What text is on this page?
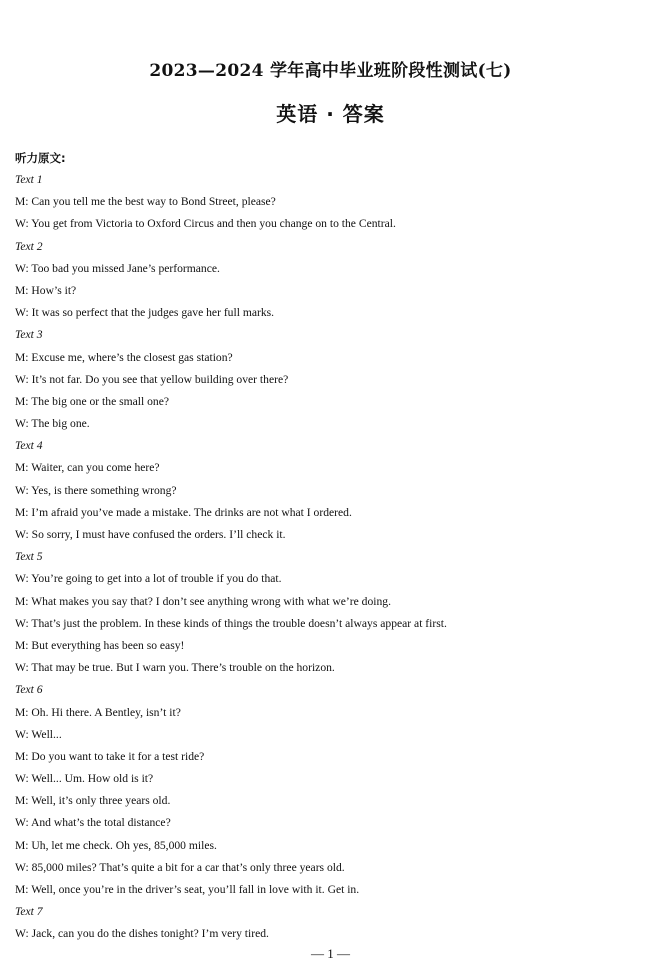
2023—2024 学年高中毕业班阶段性测试(七)
英语 · 答案
听力原文:
Text 1
M: Can you tell me the best way to Bond Street, please?
W: You get from Victoria to Oxford Circus and then you change on to the Central.
Text 2
W: Too bad you missed Jane’s performance.
M: How’s it?
W: It was so perfect that the judges gave her full marks.
Text 3
M: Excuse me, where’s the closest gas station?
W: It’s not far. Do you see that yellow building over there?
M: The big one or the small one?
W: The big one.
Text 4
M: Waiter, can you come here?
W: Yes, is there something wrong?
M: I’m afraid you’ve made a mistake. The drinks are not what I ordered.
W: So sorry, I must have confused the orders. I’ll check it.
Text 5
W: You’re going to get into a lot of trouble if you do that.
M: What makes you say that? I don’t see anything wrong with what we’re doing.
W: That’s just the problem. In these kinds of things the trouble doesn’t always appear at first.
M: But everything has been so easy!
W: That may be true. But I warn you. There’s trouble on the horizon.
Text 6
M: Oh. Hi there. A Bentley, isn’t it?
W: Well...
M: Do you want to take it for a test ride?
W: Well... Um. How old is it?
M: Well, it’s only three years old.
W: And what’s the total distance?
M: Uh, let me check. Oh yes, 85,000 miles.
W: 85,000 miles? That’s quite a bit for a car that’s only three years old.
M: Well, once you’re in the driver’s seat, you’ll fall in love with it. Get in.
Text 7
W: Jack, can you do the dishes tonight? I’m very tired.
— 1 —
